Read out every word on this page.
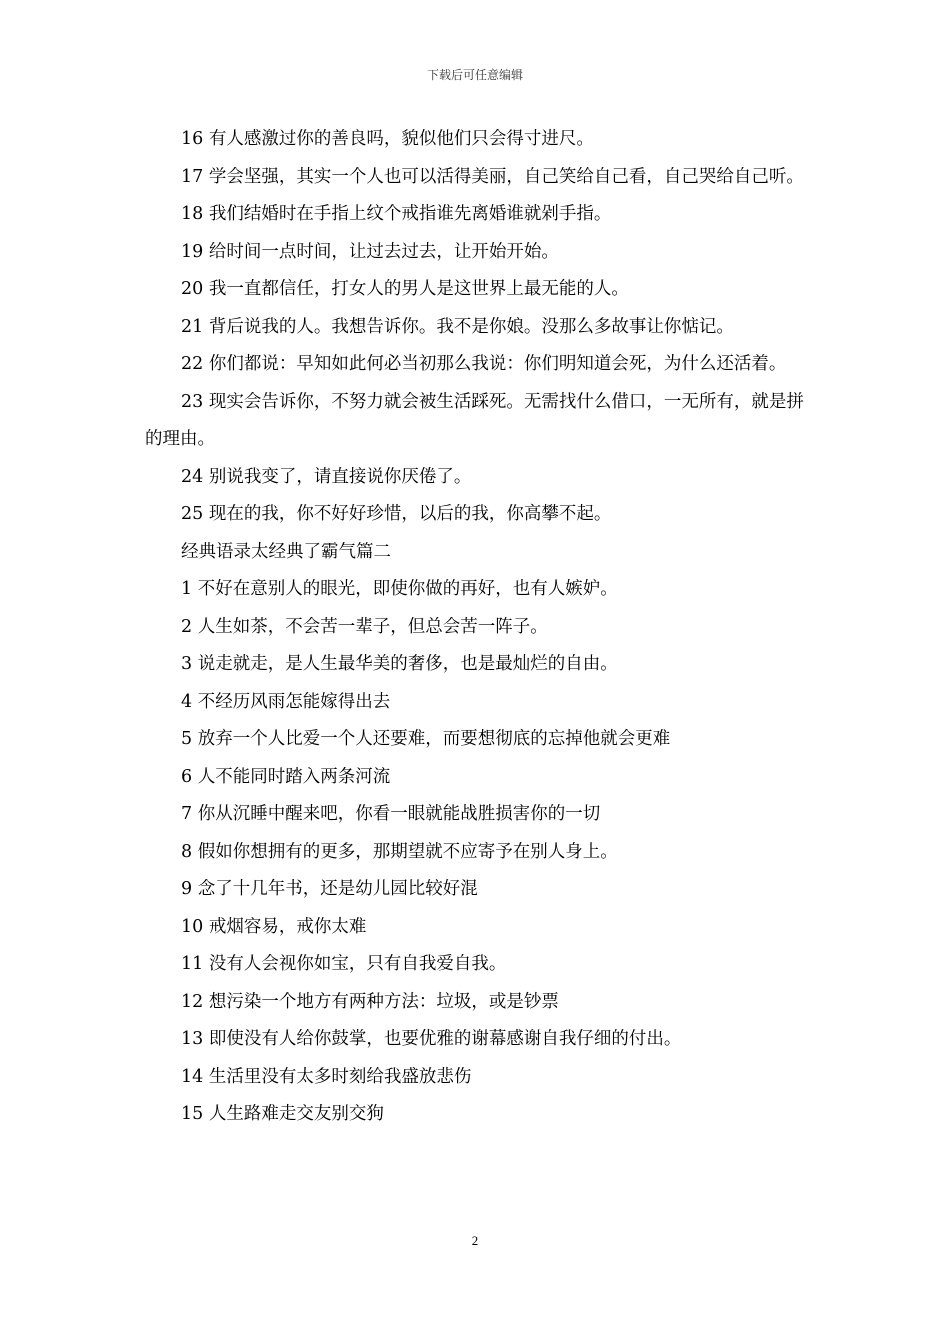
下载后可任意编辑

16 有人感激过你的善良吗，貌似他们只会得寸进尺。

17 学会坚强，其实一个人也可以活得美丽，自己笑给自己看，自己哭给自己听。

18 我们结婚时在手指上纹个戒指谁先离婚谁就剁手指。

19 给时间一点时间，让过去过去，让开始开始。

20 我一直都信任，打女人的男人是这世界上最无能的人。

21 背后说我的人。我想告诉你。我不是你娘。没那么多故事让你惦记。

22 你们都说：早知如此何必当初那么我说：你们明知道会死，为什么还活着。

23 现实会告诉你，不努力就会被生活踩死。无需找什么借口，一无所有，就是拼的理由。

24 别说我变了，请直接说你厌倦了。

25 现在的我，你不好好珍惜，以后的我，你高攀不起。

经典语录太经典了霸气篇二

1 不好在意别人的眼光，即使你做的再好，也有人嫉妒。

2 人生如茶，不会苦一辈子，但总会苦一阵子。

3 说走就走，是人生最华美的奢侈，也是最灿烂的自由。

4 不经历风雨怎能嫁得出去

5 放弃一个人比爱一个人还要难，而要想彻底的忘掉他就会更难

6 人不能同时踏入两条河流

7 你从沉睡中醒来吧，你看一眼就能战胜损害你的一切

8 假如你想拥有的更多，那期望就不应寄予在别人身上。

9 念了十几年书，还是幼儿园比较好混

10 戒烟容易，戒你太难

11 没有人会视你如宝，只有自我爱自我。

12 想污染一个地方有两种方法：垃圾，或是钞票

13 即使没有人给你鼓掌，也要优雅的谢幕感谢自我仔细的付出。

14 生活里没有太多时刻给我盛放悲伤

15 人生路难走交友别交狗

2
